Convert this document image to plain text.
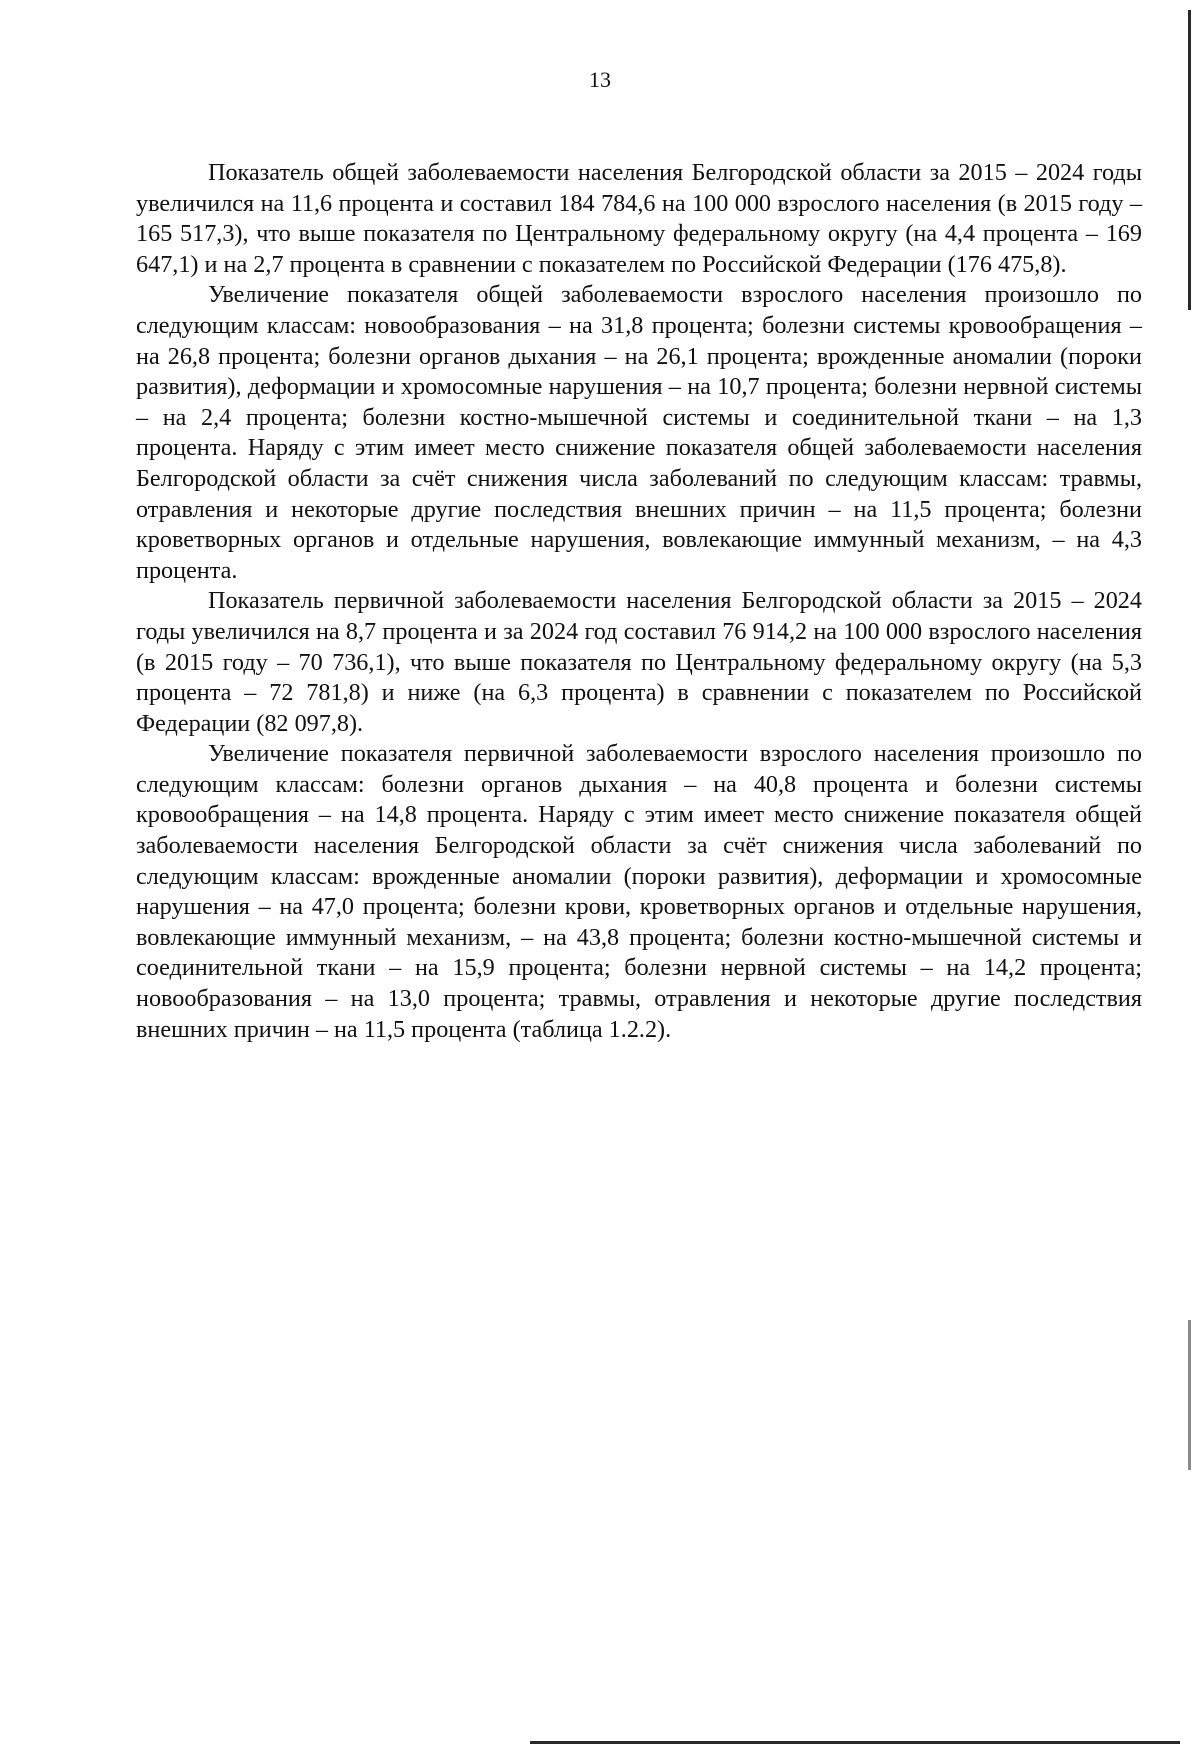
13

Показатель общей заболеваемости населения Белгородской области за 2015 – 2024 годы увеличился на 11,6 процента и составил 184 784,6 на 100 000 взрослого населения (в 2015 году – 165 517,3), что выше показателя по Центральному федеральному округу (на 4,4 процента – 169 647,1) и на 2,7 процента в сравнении с показателем по Российской Федерации (176 475,8).

Увеличение показателя общей заболеваемости взрослого населения произошло по следующим классам: новообразования – на 31,8 процента; болезни системы кровообращения – на 26,8 процента; болезни органов дыхания – на 26,1 процента; врожденные аномалии (пороки развития), деформации и хромосомные нарушения – на 10,7 процента; болезни нервной системы – на 2,4 процента; болезни костно-мышечной системы и соединительной ткани – на 1,3 процента. Наряду с этим имеет место снижение показателя общей заболеваемости населения Белгородской области за счёт снижения числа заболеваний по следующим классам: травмы, отравления и некоторые другие последствия внешних причин – на 11,5 процента; болезни кроветворных органов и отдельные нарушения, вовлекающие иммунный механизм, – на 4,3 процента.

Показатель первичной заболеваемости населения Белгородской области за 2015 – 2024 годы увеличился на 8,7 процента и за 2024 год составил 76 914,2 на 100 000 взрослого населения (в 2015 году – 70 736,1), что выше показателя по Центральному федеральному округу (на 5,3 процента – 72 781,8) и ниже (на 6,3 процента) в сравнении с показателем по Российской Федерации (82 097,8).

Увеличение показателя первичной заболеваемости взрослого населения произошло по следующим классам: болезни органов дыхания – на 40,8 процента и болезни системы кровообращения – на 14,8 процента. Наряду с этим имеет место снижение показателя общей заболеваемости населения Белгородской области за счёт снижения числа заболеваний по следующим классам: врожденные аномалии (пороки развития), деформации и хромосомные нарушения – на 47,0 процента; болезни крови, кроветворных органов и отдельные нарушения, вовлекающие иммунный механизм, – на 43,8 процента; болезни костно-мышечной системы и соединительной ткани – на 15,9 процента; болезни нервной системы – на 14,2 процента; новообразования – на 13,0 процента; травмы, отравления и некоторые другие последствия внешних причин – на 11,5 процента (таблица 1.2.2).
